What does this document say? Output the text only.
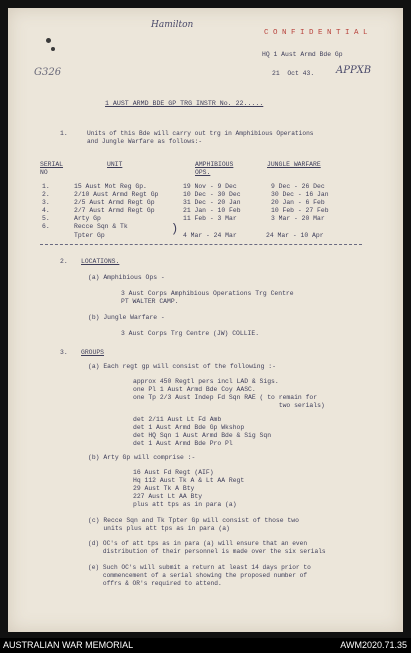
Hamilton
G326	APPXB
C O N F I D E N T I A L
HQ 1 Aust Armd Bde Gp
21  Oct 43.
1 AUST ARMD BDE GP TRG INSTR No. 22.....
1.	Units of this Bde will carry out trg in Amphibious Operations
and Jungle Warfare as follows:-
SERIAL
NO
UNIT	AMPHIBIOUS
OPS.
JUNGLE WARFARE
1.	15 Aust Mot Reg Gp.	19 Nov - 9 Dec	9 Dec - 26 Dec
2.	2/10 Aust Armd Regt Gp	10 Dec - 30 Dec	30 Dec - 16 Jan
3.	2/5 Aust Armd Regt Gp	31 Dec - 20 Jan	20 Jan - 6 Feb
4.	2/7 Aust Armd Regt Gp	21 Jan - 10 Feb	10 Feb - 27 Feb
5.	Arty Gp	11 Feb - 3 Mar	3 Mar - 20 Mar
6.	Recce Sqn & Tk	)
Tpter Gp	4 Mar - 24 Mar	24 Mar - 10 Apr
2. LOCATIONS.
(a) Amphibious Ops -
3 Aust Corps Amphibious Operations Trg Centre
PT WALTER CAMP.
(b) Jungle Warfare -
3 Aust Corps Trg Centre (JW) COLLIE.
3. GROUPS
(a) Each regt gp will consist of the following :-
approx 450 Regtl pers incl LAD & Sigs.
one Pl 1 Aust Armd Bde Coy AASC.
one Tp 2/3 Aust Indep Fd Sqn RAE ( to remain for
two serials)
det 2/11 Aust Lt Fd Amb
det 1 Aust Armd Bde Gp Wkshop
det HQ Sqn 1 Aust Armd Bde & Sig Sqn
det 1 Aust Armd Bde Pro Pl
(b) Arty Gp will comprise :-
16 Aust Fd Regt (AIF)
Hq 112 Aust Tk A & Lt AA Regt
29 Aust Tk A Bty
227 Aust Lt AA Bty
plus att tps as in para (a)
(c) Recce Sqn and Tk Tpter Gp will consist of those two
units plus att tps as in para (a)
(d) OC's of att tps as in para (a) will ensure that an even
distribution of their personnel is made over the six serials
(e) Such OC's will submit a return at least 14 days prior to
commencement of a serial showing the proposed number of
offrs & OR's required to attend.
AUSTRALIAN WAR MEMORIAL	AWM2020.71.35
